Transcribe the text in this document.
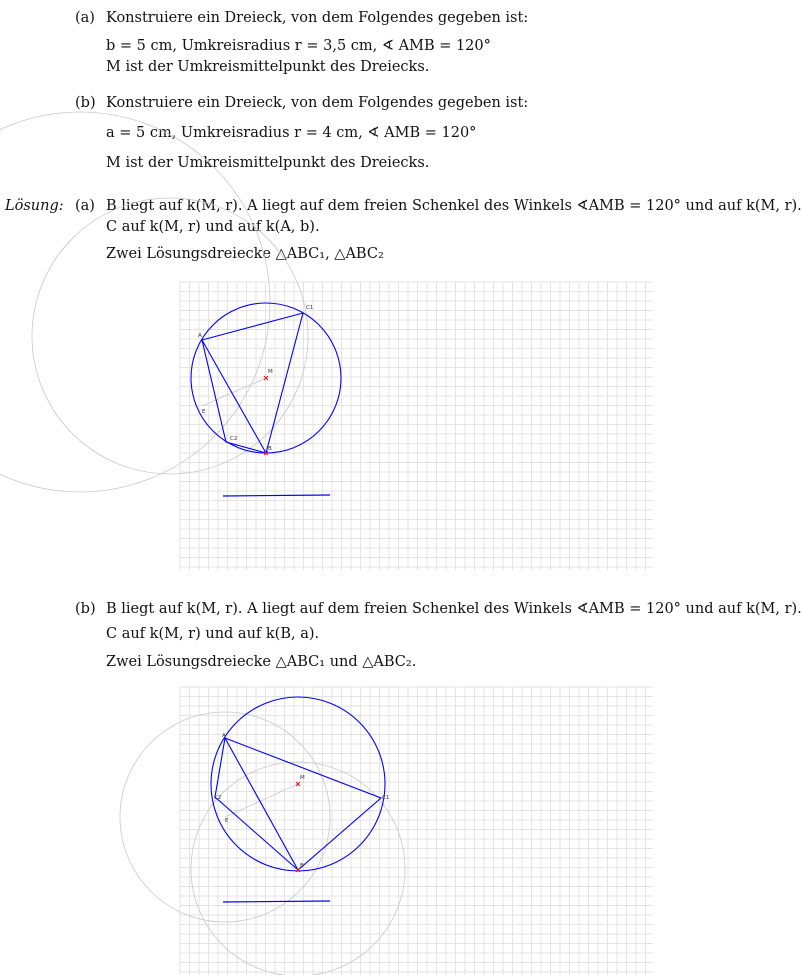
(a) Konstruiere ein Dreieck, von dem Folgendes gegeben ist:
b = 5 cm, Umkreisradius r = 3,5 cm, ∢ AMB = 120°
M ist der Umkreismittelpunkt des Dreiecks.
(b) Konstruiere ein Dreieck, von dem Folgendes gegeben ist:
a = 5 cm, Umkreisradius r = 4 cm, ∢ AMB = 120°
M ist der Umkreismittelpunkt des Dreiecks.
Lösung: (a) B liegt auf k(M, r). A liegt auf dem freien Schenkel des Winkels ∢AMB = 120° und auf k(M, r).
C auf k(M, r) und auf k(A, b).
Zwei Lösungsdreiecke △ABC₁, △ABC₂
A
C1
M
E
C2
B
(b) B liegt auf k(M, r). A liegt auf dem freien Schenkel des Winkels ∢AMB = 120° und auf k(M, r).
C auf k(M, r) und auf k(B, a).
Zwei Lösungsdreiecke △ABC₁ und △ABC₂.
A
C1
M
E
C2
B
